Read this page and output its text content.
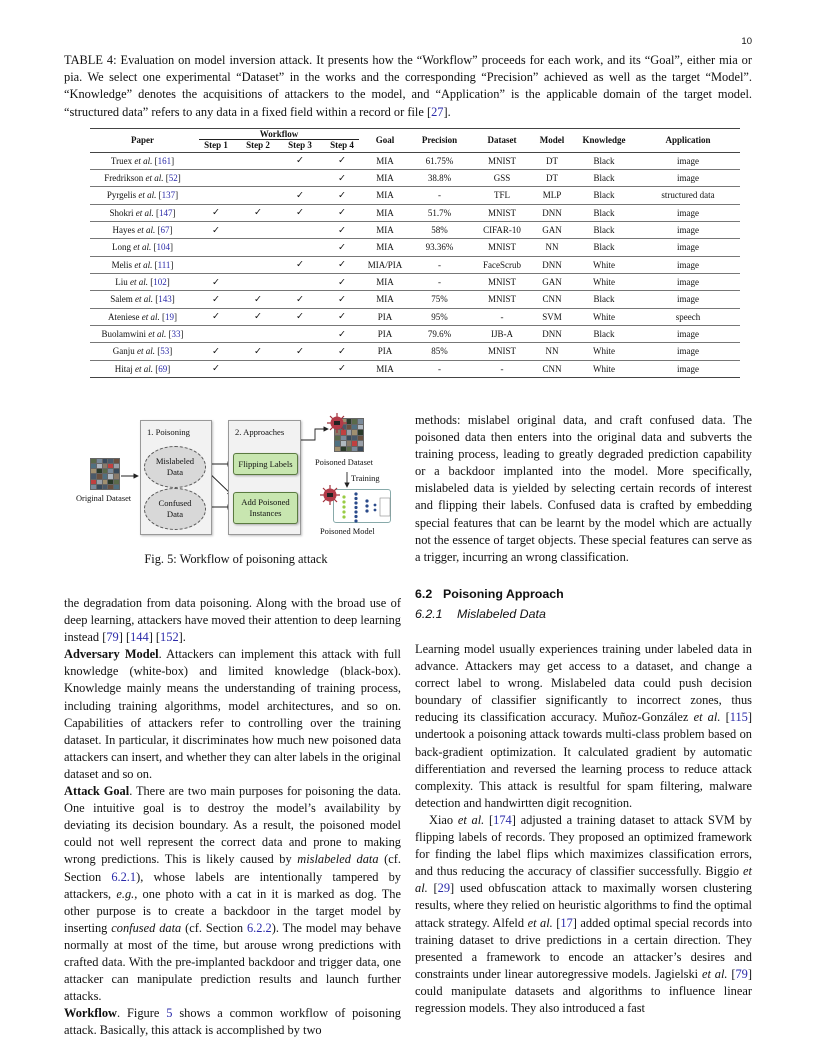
10
TABLE 4: Evaluation on model inversion attack. It presents how the “Workflow” proceeds for each work, and its “Goal”, either mia or pia. We select one experimental “Dataset” in the works and the corresponding “Precision” achieved as well as the target “Model”. “Knowledge” denotes the acquisitions of attackers to the model, and “Application” is the applicable domain of the target model. “structured data” refers to any data in a fixed field within a record or file [27].
Paper	Workflow				Goal	Precision	Dataset	Model	Knowledge	Application
	Step 1	Step 2	Step 3	Step 4						
Truex et al. [161]			✓	✓	MIA	61.75%	MNIST	DT	Black	image
Fredrikson et al. [52]				✓	MIA	38.8%	GSS	DT	Black	image
Pyrgelis et al. [137]			✓	✓	MIA	-	TFL	MLP	Black	structured data
Shokri et al. [147]	✓	✓	✓	✓	MIA	51.7%	MNIST	DNN	Black	image
Hayes et al. [67]	✓			✓	MIA	58%	CIFAR-10	GAN	Black	image
Long et al. [104]				✓	MIA	93.36%	MNIST	NN	Black	image
Melis et al. [111]			✓	✓	MIA/PIA	-	FaceScrub	DNN	White	image
Liu et al. [102]	✓			✓	MIA	-	MNIST	GAN	White	image
Salem et al. [143]	✓	✓	✓	✓	MIA	75%	MNIST	CNN	Black	image
Ateniese et al. [19]	✓	✓	✓	✓	PIA	95%	-	SVM	White	speech
Buolamwini et al. [33]				✓	PIA	79.6%	IJB-A	DNN	Black	image
Ganju et al. [53]	✓	✓	✓	✓	PIA	85%	MNIST	NN	White	image
Hitaj et al. [69]	✓			✓	MIA	-	-	CNN	White	image
Original Dataset
1. Poisoning
Mislabeled
Data
Confused
Data
2. Approaches
Flipping Labels
Add Poisoned
Instances
Poisoned Dataset
Training
Poisoned Model
Fig. 5: Workflow of poisoning attack

the degradation from data poisoning. Along with the broad use of deep learning, attackers have moved their attention to deep learning instead [79] [144] [152].

Adversary Model. Attackers can implement this attack with full knowledge (white-box) and limited knowledge (black-box). Knowledge mainly means the understanding of training process, including training algorithms, model architectures, and so on. Capabilities of attackers refer to controlling over the training dataset. In particular, it discriminates how much new poisoned data attackers can insert, and whether they can alter labels in the original dataset and so on.

Attack Goal. There are two main purposes for poisoning the data. One intuitive goal is to destroy the model’s availability by deviating its decision boundary. As a result, the poisoned model could not well represent the correct data and prone to making wrong predictions. This is likely caused by mislabeled data (cf. Section 6.2.1), whose labels are intentionally tampered by attackers, e.g., one photo with a cat in it is marked as dog. The other purpose is to create a backdoor in the target model by inserting confused data (cf. Section 6.2.2). The model may behave normally at most of the time, but arouse wrong predictions with crafted data. With the pre-implanted backdoor and trigger data, one attacker can manipulate prediction results and launch further attacks.

Workflow. Figure 5 shows a common workflow of poisoning attack. Basically, this attack is accomplished by two

methods: mislabel original data, and craft confused data. The poisoned data then enters into the original data and subverts the training process, leading to greatly degraded prediction capability or a backdoor implanted into the model. More specifically, mislabeled data is yielded by selecting certain records of interest and flipping their labels. Confused data is crafted by embedding special features that can be learnt by the model which are actually not the essence of target objects. These special features can serve as a trigger, incurring an wrong classification.

6.2 Poisoning Approach
6.2.1 Mislabeled Data

Learning model usually experiences training under labeled data in advance. Attackers may get access to a dataset, and change a correct label to wrong. Mislabeled data could push decision boundary of classifier significantly to incorrect zones, thus reducing its classification accuracy. Muñoz-González et al. [115] undertook a poisoning attack towards multi-class problem based on back-gradient optimization. It calculated gradient by automatic differentiation and reversed the learning process to reduce attack complexity. This attack is resultful for spam filtering, malware detection and handwirtten digit recognition.

Xiao et al. [174] adjusted a training dataset to attack SVM by flipping labels of records. They proposed an optimized framework for finding the label flips which maximizes classification errors, and thus reducing the accuracy of classifier successfully. Biggio et al. [29] used obfuscation attack to maximally worsen clustering results, where they relied on heuristic algorithms to find the optimal attack strategy. Alfeld et al. [17] added optimal special records into training dataset to drive predictions in a certain direction. They presented a framework to encode an attacker’s desires and constraints under linear autoregressive models. Jagielski et al. [79] could manipulate datasets and algorithms to influence linear regression models. They also introduced a fast
